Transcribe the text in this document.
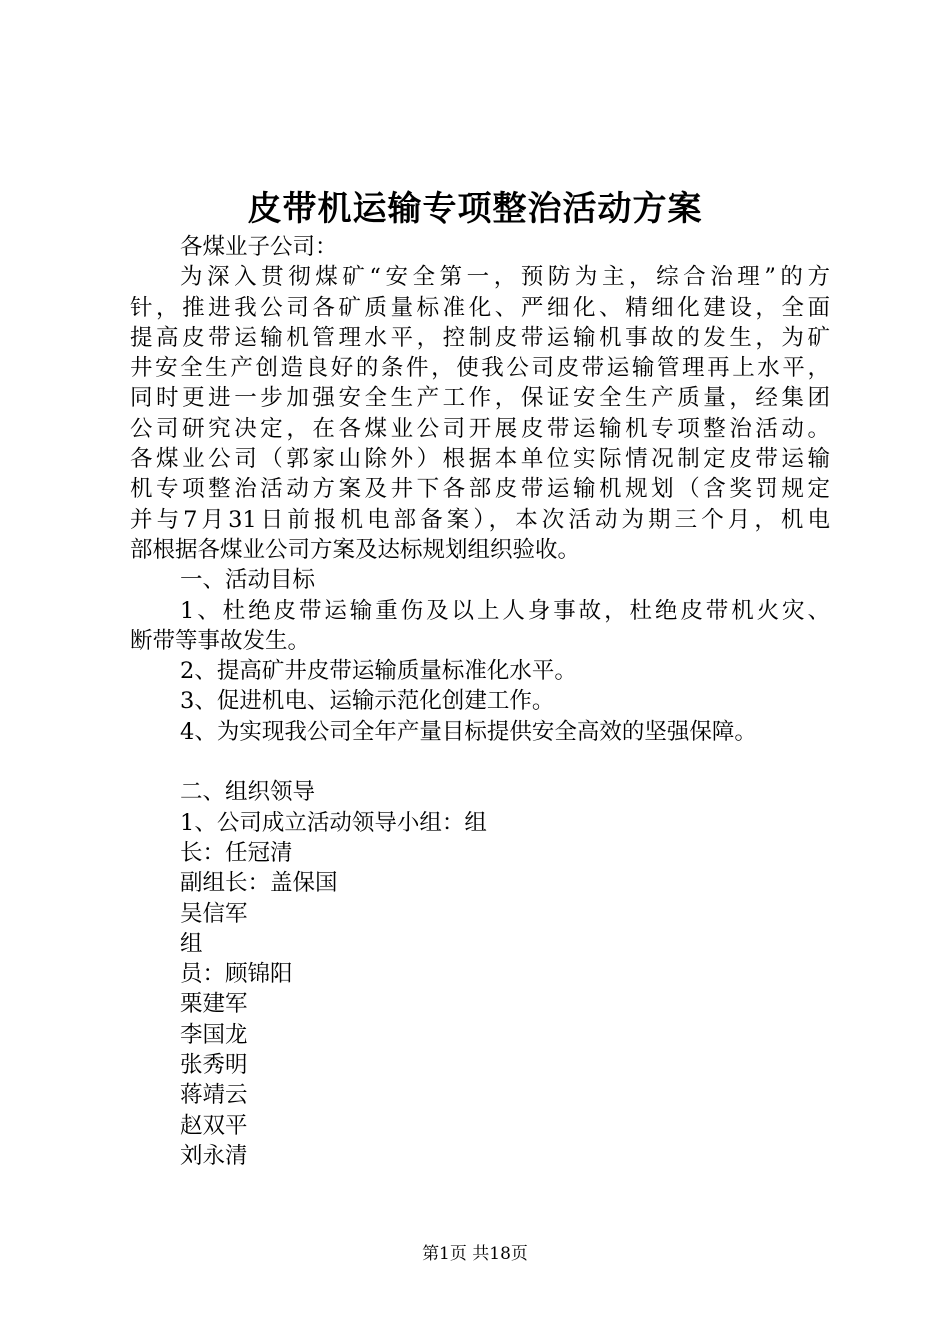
皮带机运输专项整治活动方案

各煤业子公司：

为深入贯彻煤矿“安全第一，预防为主，综合治理”的方

针，推进我公司各矿质量标准化、严细化、精细化建设，全面

提高皮带运输机管理水平，控制皮带运输机事故的发生，为矿

井安全生产创造良好的条件，使我公司皮带运输管理再上水平，

同时更进一步加强安全生产工作，保证安全生产质量，经集团

公司研究决定，在各煤业公司开展皮带运输机专项整治活动。

各煤业公司（郭家山除外）根据本单位实际情况制定皮带运输

机专项整治活动方案及井下各部皮带运输机规划（含奖罚规定

并与7月31日前报机电部备案），本次活动为期三个月，机电

部根据各煤业公司方案及达标规划组织验收。

一、活动目标

1、杜绝皮带运输重伤及以上人身事故，杜绝皮带机火灾、

断带等事故发生。

2、提高矿井皮带运输质量标准化水平。

3、促进机电、运输示范化创建工作。

4、为实现我公司全年产量目标提供安全高效的坚强保障。

二、组织领导

1、公司成立活动领导小组：组

长：任冠清

副组长：盖保国

吴信军

组

员：顾锦阳

栗建军

李国龙

张秀明

蒋靖云

赵双平

刘永清

第1页 共18页
